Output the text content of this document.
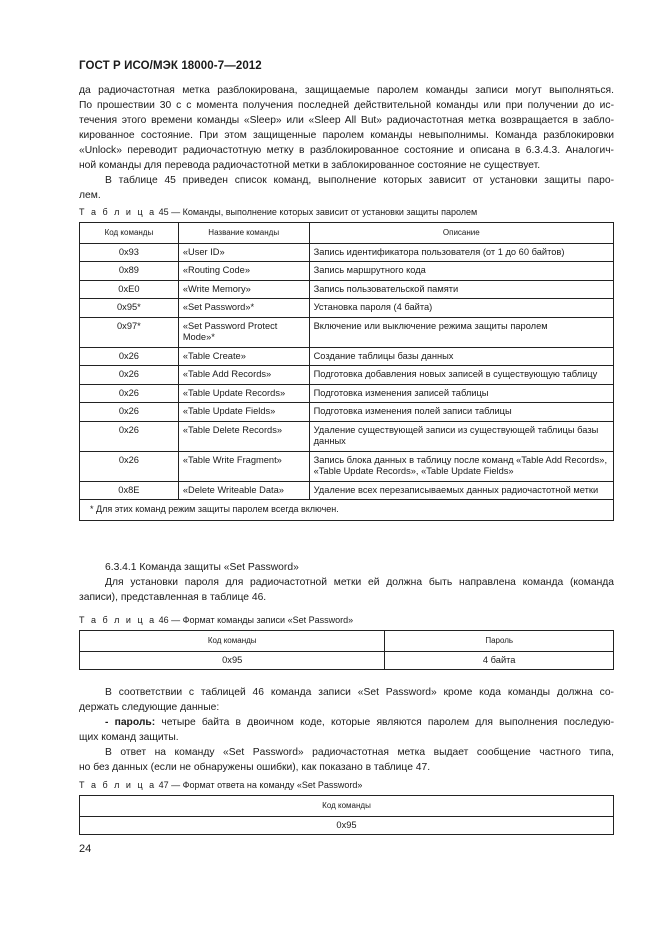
ГОСТ Р ИСО/МЭК 18000-7—2012
да радиочастотная метка разблокирована, защищаемые паролем команды записи могут выполняться.
По прошествии 30 с с момента получения последней действительной команды или при получении до ис-
течения этого времени команды «Sleep» или «Sleep All But» радиочастотная метка возвращается в забло-
кированное состояние. При этом защищенные паролем команды невыполнимы. Команда разблокировки
«Unlock» переводит радиочастотную метку в разблокированное состояние и описана в 6.3.4.3. Аналогич-
ной команды для перевода радиочастотной метки в заблокированное состояние не существует.
В таблице 45 приведен список команд, выполнение которых зависит от установки защиты паро-
лем.
Т а б л и ц а 45 — Команды, выполнение которых зависит от установки защиты паролем
Код команды	Название команды	Описание
0x93	«User ID»	Запись идентификатора пользователя (от 1 до 60 байтов)
0x89	«Routing Code»	Запись маршрутного кода
0xE0	«Write Memory»	Запись пользовательской памяти
0x95*	«Set Password»*	Установка пароля (4 байта)
0x97*	«Set Password Protect Mode»*	Включение или выключение режима защиты паролем
0x26	«Table Create»	Создание таблицы базы данных
0x26	«Table Add Records»	Подготовка добавления новых записей в существующую таблицу
0x26	«Table Update Records»	Подготовка изменения записей таблицы
0x26	«Table Update Fields»	Подготовка изменения полей записи таблицы
0x26	«Table Delete Records»	Удаление существующей записи из существующей таблицы базы данных
0x26	«Table Write Fragment»	Запись блока данных в таблицу после команд «Table Add Records», «Table Update Records», «Table Update Fields»
0x8E	«Delete Writeable Data»	Удаление всех перезаписываемых данных радиочастотной метки
* Для этих команд режим защиты паролем всегда включен.		
6.3.4.1 Команда защиты «Set Password»
Для установки пароля для радиочастотной метки ей должна быть направлена команда (команда
записи), представленная в таблице 46.
Т а б л и ц а 46 — Формат команды записи «Set Password»
Код команды	Пароль
0x95	4 байта
В соответствии с таблицей 46 команда записи «Set Password» кроме кода команды должна со-
держать следующие данные:
- пароль: четыре байта в двоичном коде, которые являются паролем для выполнения последую-
щих команд защиты.
В ответ на команду «Set Password» радиочастотная метка выдает сообщение частного типа,
но без данных (если не обнаружены ошибки), как показано в таблице 47.
Т а б л и ц а 47 — Формат ответа на команду «Set Password»
Код команды
0x95
24
